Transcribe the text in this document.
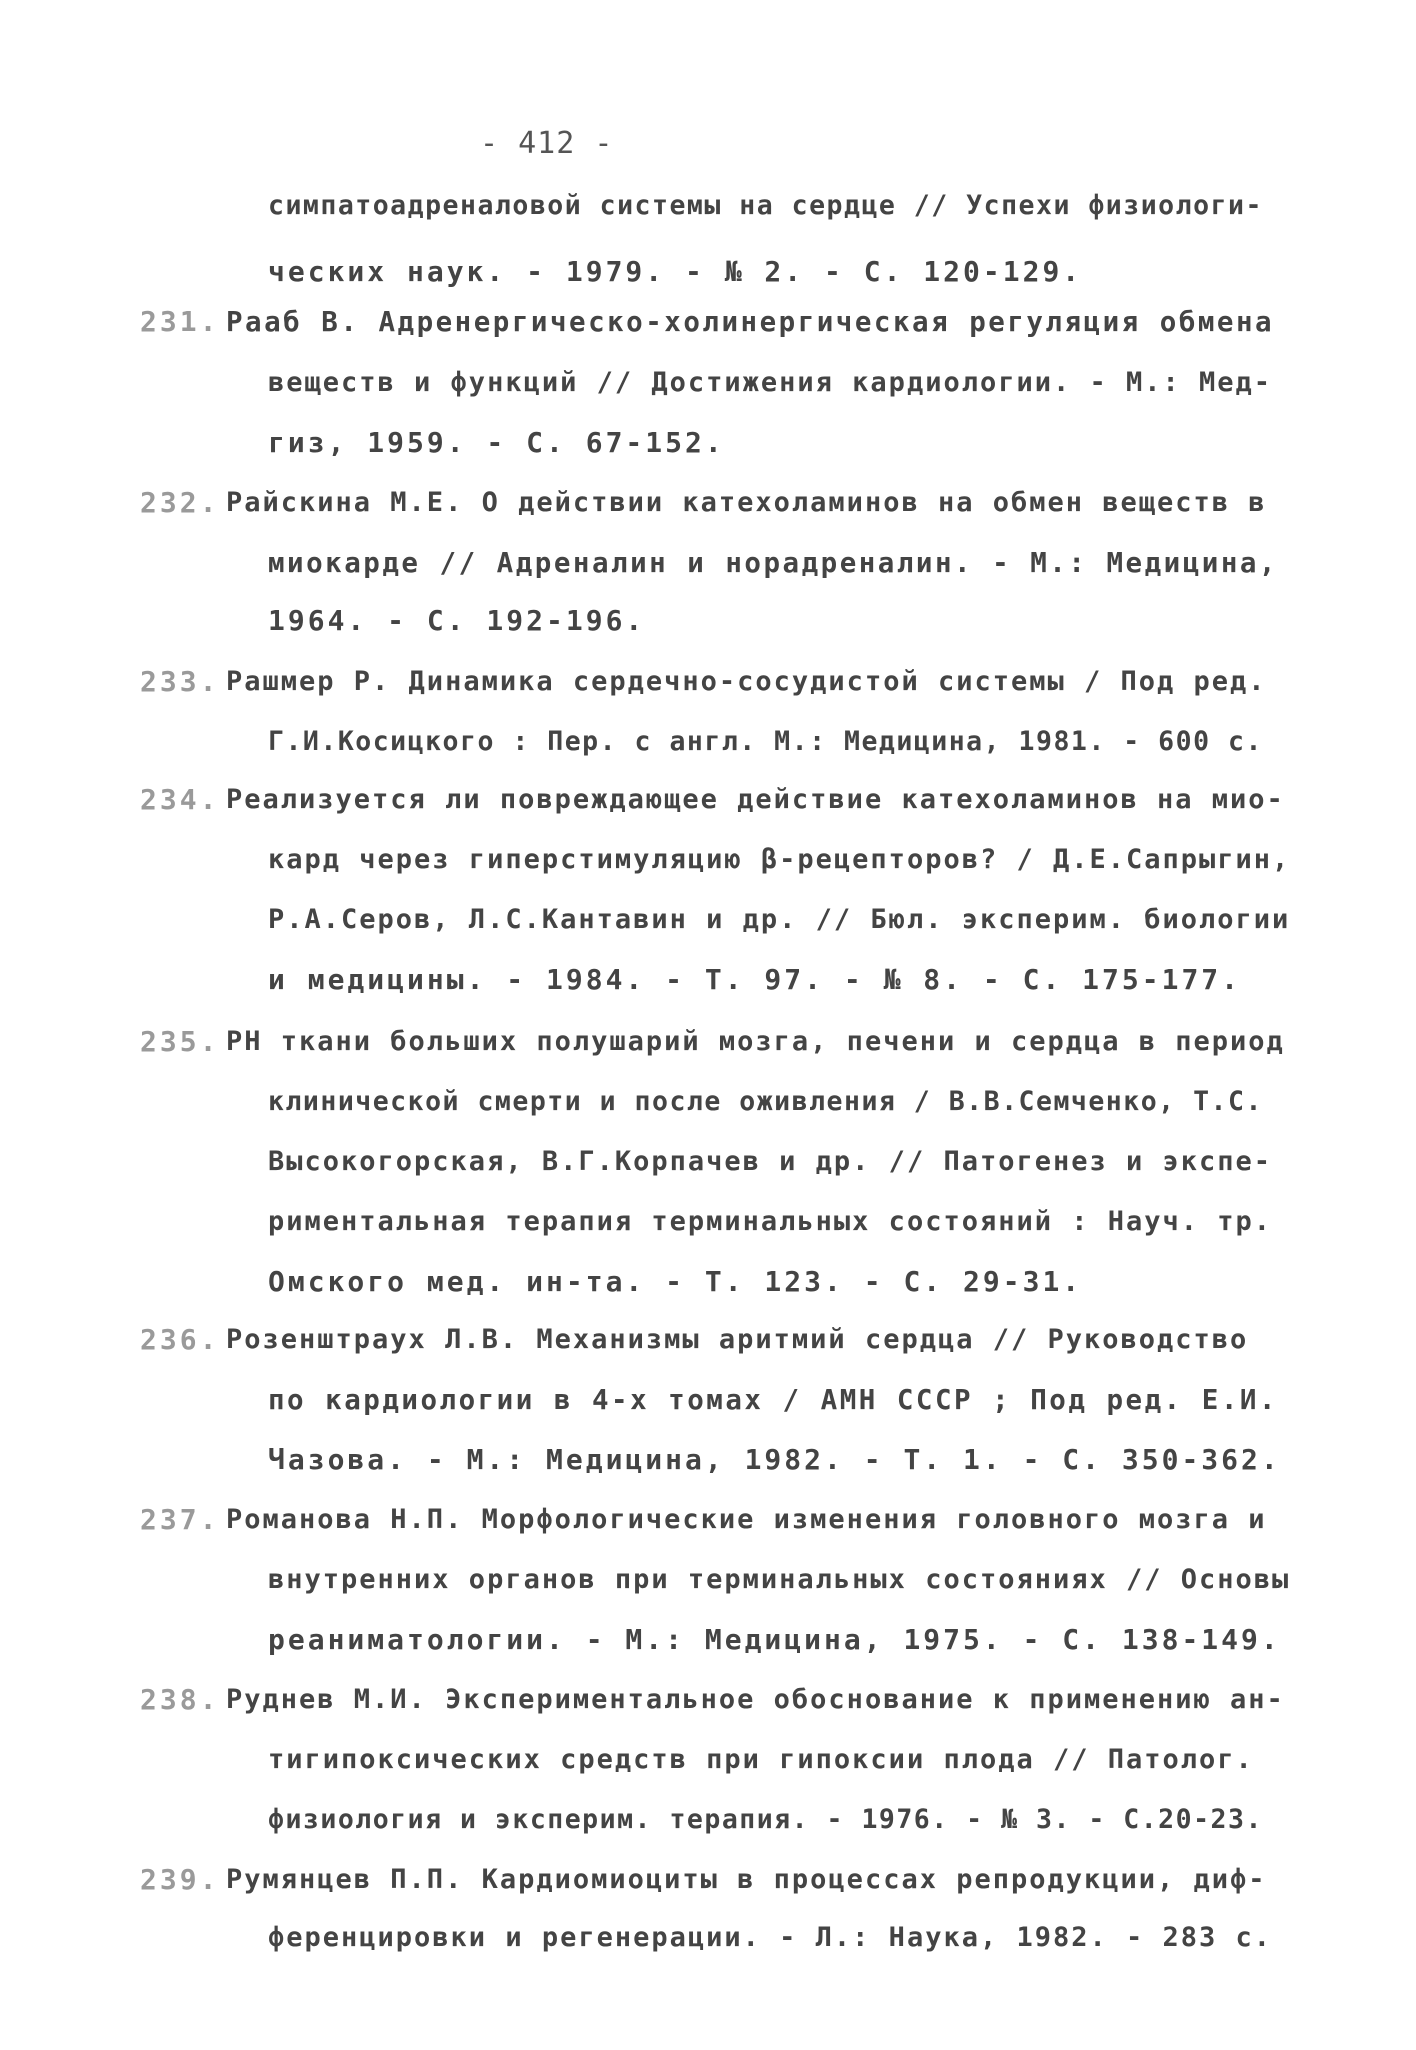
- 412 -
симпатоадреналовой системы на сердце // Успехи физиологи-
ческих наук. - 1979. - № 2. - С. 120-129.
231. Рааб В. Адренергическо-холинергическая регуляция обмена
веществ и функций // Достижения кардиологии. - М.: Мед-
гиз, 1959. - С. 67-152.
232. Райскина М.Е. О действии катехоламинов на обмен веществ в
миокарде // Адреналин и норадреналин. - М.: Медицина,
1964. - С. 192-196.
233. Рашмер Р. Динамика сердечно-сосудистой системы / Под ред.
Г.И.Косицкого : Пер. с англ. М.: Медицина, 1981. - 600 с.
234. Реализуется ли повреждающее действие катехоламинов на мио-
кард через гиперстимуляцию β-рецепторов? / Д.Е.Сапрыгин,
Р.А.Серов, Л.С.Кантавин и др. // Бюл. эксперим. биологии
и медицины. - 1984. - Т. 97. - № 8. - С. 175-177.
235. РН ткани больших полушарий мозга, печени и сердца в период
клинической смерти и после оживления / В.В.Семченко, Т.С.
Высокогорская, В.Г.Корпачев и др. // Патогенез и экспе-
риментальная терапия терминальных состояний : Науч. тр.
Омского мед. ин-та. - Т. 123. - С. 29-31.
236. Розенштраух Л.В. Механизмы аритмий сердца // Руководство
по кардиологии в 4-х томах / АМН СССР ; Под ред. Е.И.
Чазова. - М.: Медицина, 1982. - Т. 1. - С. 350-362.
237. Романова Н.П. Морфологические изменения головного мозга и
внутренних органов при терминальных состояниях // Основы
реаниматологии. - М.: Медицина, 1975. - С. 138-149.
238. Руднев М.И. Экспериментальное обоснование к применению ан-
тигипоксических средств при гипоксии плода // Патолог.
физиология и эксперим. терапия. - 1976. - № 3. - С.20-23.
239. Румянцев П.П. Кардиомиоциты в процессах репродукции, диф-
ференцировки и регенерации. - Л.: Наука, 1982. - 283 с.
